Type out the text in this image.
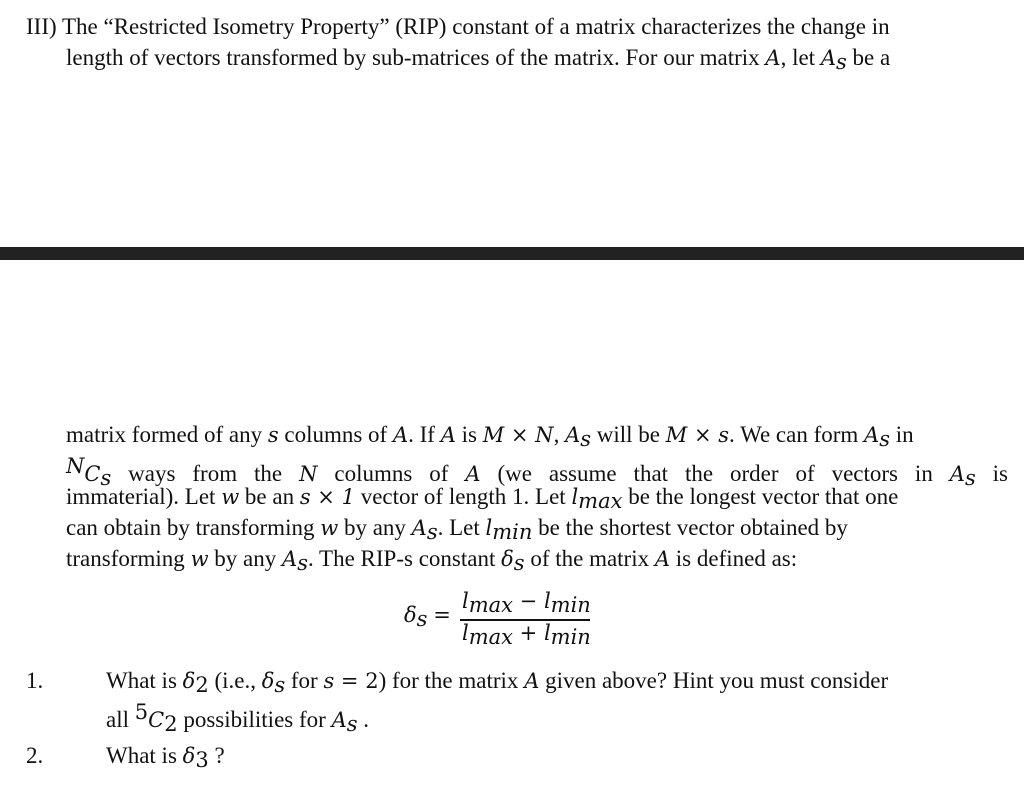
III) The “Restricted Isometry Property” (RIP) constant of a matrix characterizes the change in
length of vectors transformed by sub-matrices of the matrix. For our matrix A, let $A_s$ be a
matrix formed of any s columns of A. If A is M × N, $A_s$ will be M × s. We can form $A_s$ in
$^NC_s$ ways from the N columns of A (we assume that the order of vectors in $A_s$ is
immaterial). Let w be an s × 1 vector of length 1. Let $l_{max}$ be the longest vector that one
can obtain by transforming w by any $A_s$. Let $l_{min}$ be the shortest vector obtained by
transforming w by any $A_s$. The RIP-s constant $\delta_s$ of the matrix A is defined as:
$\delta_s$ =
$l_{max} - l_{min}$
$l_{max} + l_{min}$
1.	What is $\delta_2$ (i.e., $\delta_s$ for s = 2) for the matrix A given above? Hint you must consider
all $^5C_2$ possibilities for $A_s$ .
2.	What is $\delta_3$ ?
